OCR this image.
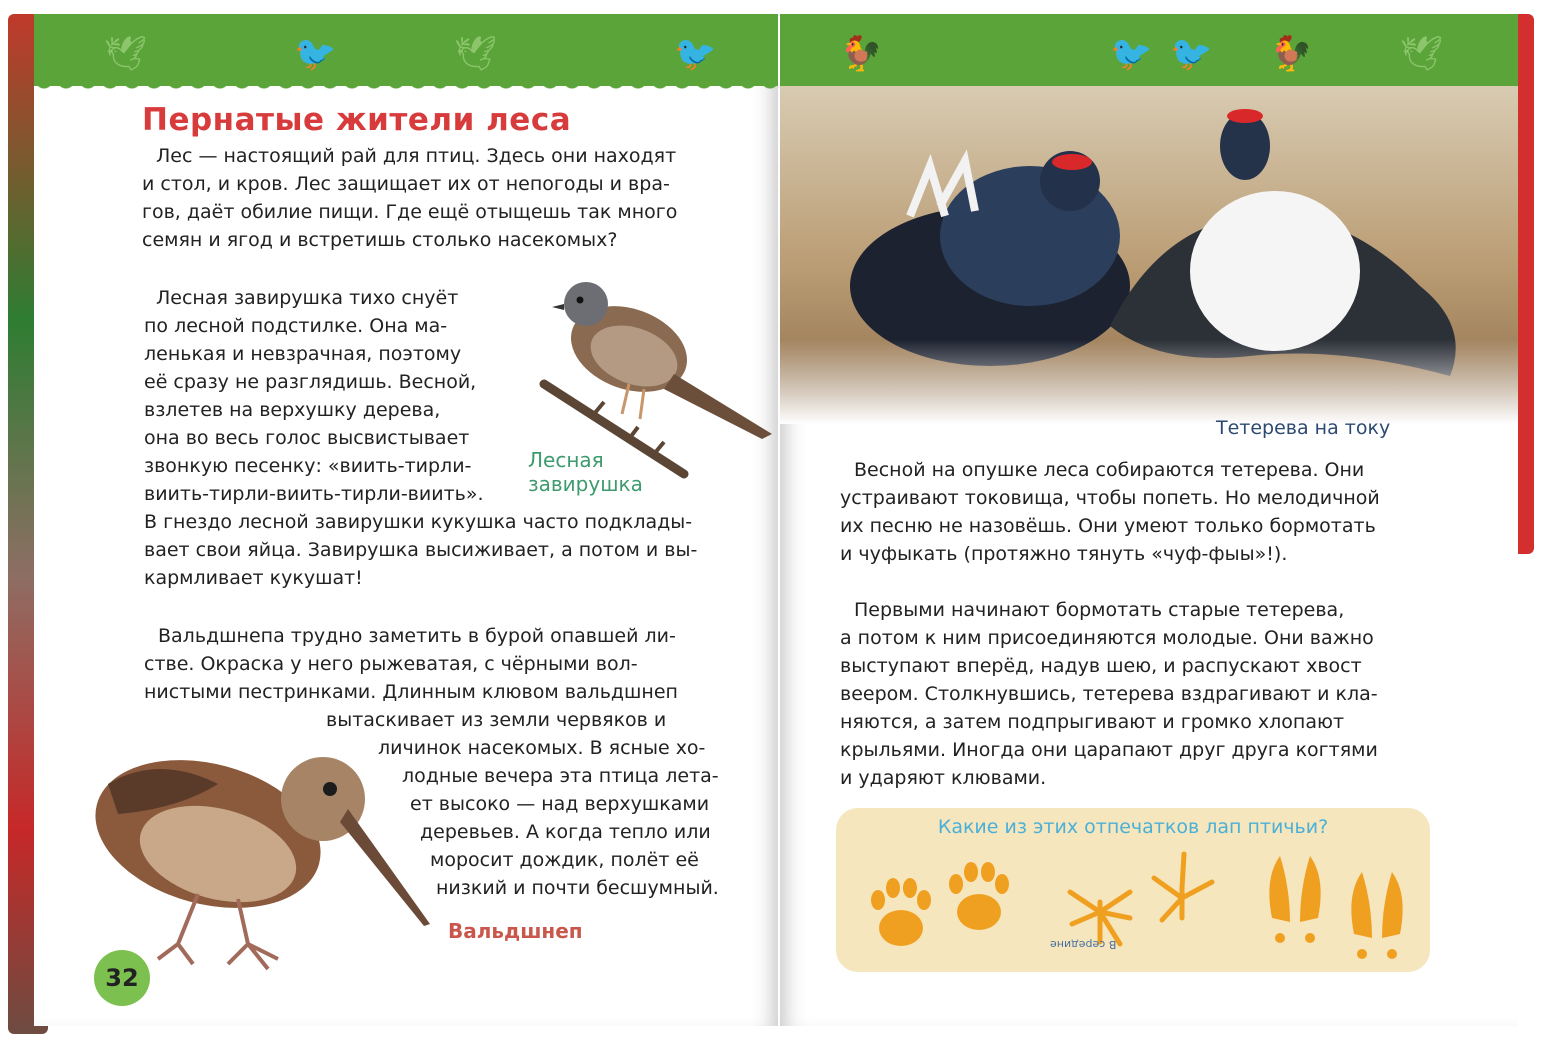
🕊	🐦	🕊	🐦
Пернатые жители леса

Лес — настоящий рай для птиц. Здесь они находят

и стол, и кров. Лес защищает их от непогоды и вра-

гов, даёт обилие пищи. Где ещё отыщешь так много

семян и ягод и встретишь столько насекомых?

Лесная завирушка тихо снуёт

по лесной подстилке. Она ма-

ленькая и невзрачная, поэтому

её сразу не разглядишь. Весной,

взлетев на верхушку дерева,

она во весь голос высвистывает

звонкую песенку: «виить-тирли-

виить-тирли-виить-тирли-виить».

В гнездо лесной завирушки кукушка часто подклады-

вает свои яйца. Завирушка высиживает, а потом и вы-

кармливает кукушат!

Лесная

завирушка

Вальдшнепа трудно заметить в бурой опавшей ли-

стве. Окраска у него рыжеватая, с чёрными вол-

нистыми пестринками. Длинным клювом вальдшнеп

вытаскивает из земли червяков и

личинок насекомых. В ясные хо-

лодные вечера эта птица лета-

ет высоко — над верхушками

деревьев. А когда тепло или

моросит дождик, полёт её

низкий и почти бесшумный.

Вальдшнеп

32
🐓	🐦 🐦 🐓	🕊

Тетерева на току

Весной на опушке леса собираются тетерева. Они

устраивают токовища, чтобы попеть. Но мелодичной

их песню не назовёшь. Они умеют только бормотать

и чуфыкать (протяжно тянуть «чуф-фыы»!).

Первыми начинают бормотать старые тетерева,

а потом к ним присоединяются молодые. Они важно

выступают вперёд, надув шею, и распускают хвост

веером. Столкнувшись, тетерева вздрагивают и кла-

няются, а затем подпрыгивают и громко хлопают

крыльями. Иногда они царапают друг друга когтями

и ударяют клювами.

Какие из этих отпечатков лап птичьи?

В середине
